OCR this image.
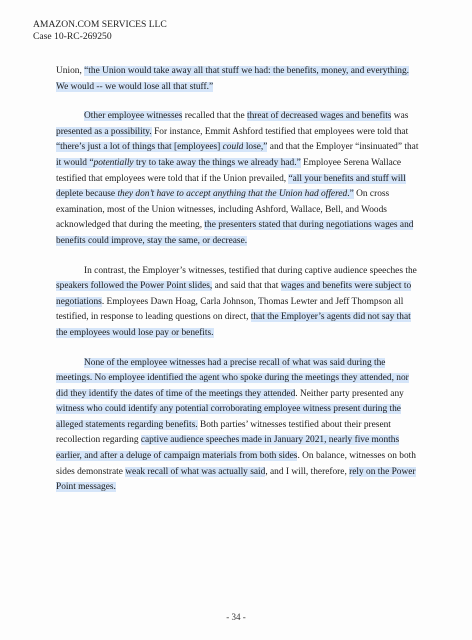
AMAZON.COM SERVICES LLC
Case 10-RC-269250
Union, “the Union would take away all that stuff we had: the benefits, money, and everything.
We would -- we would lose all that stuff.”
Other employee witnesses recalled that the threat of decreased wages and benefits was
presented as a possibility. For instance, Emmit Ashford testified that employees were told that
“there’s just a lot of things that [employees] could lose,” and that the Employer “insinuated” that
it would “potentially try to take away the things we already had.” Employee Serena Wallace
testified that employees were told that if the Union prevailed, “all your benefits and stuff will
deplete because they don’t have to accept anything that the Union had offered.” On cross
examination, most of the Union witnesses, including Ashford, Wallace, Bell, and Woods
acknowledged that during the meeting, the presenters stated that during negotiations wages and
benefits could improve, stay the same, or decrease.
In contrast, the Employer’s witnesses, testified that during captive audience speeches the
speakers followed the Power Point slides, and said that that wages and benefits were subject to
negotiations. Employees Dawn Hoag, Carla Johnson, Thomas Lewter and Jeff Thompson all
testified, in response to leading questions on direct, that the Employer’s agents did not say that
the employees would lose pay or benefits.
None of the employee witnesses had a precise recall of what was said during the
meetings. No employee identified the agent who spoke during the meetings they attended, nor
did they identify the dates of time of the meetings they attended. Neither party presented any
witness who could identify any potential corroborating employee witness present during the
alleged statements regarding benefits. Both parties’ witnesses testified about their present
recollection regarding captive audience speeches made in January 2021, nearly five months
earlier, and after a deluge of campaign materials from both sides. On balance, witnesses on both
sides demonstrate weak recall of what was actually said, and I will, therefore, rely on the Power
Point messages.
- 34 -
